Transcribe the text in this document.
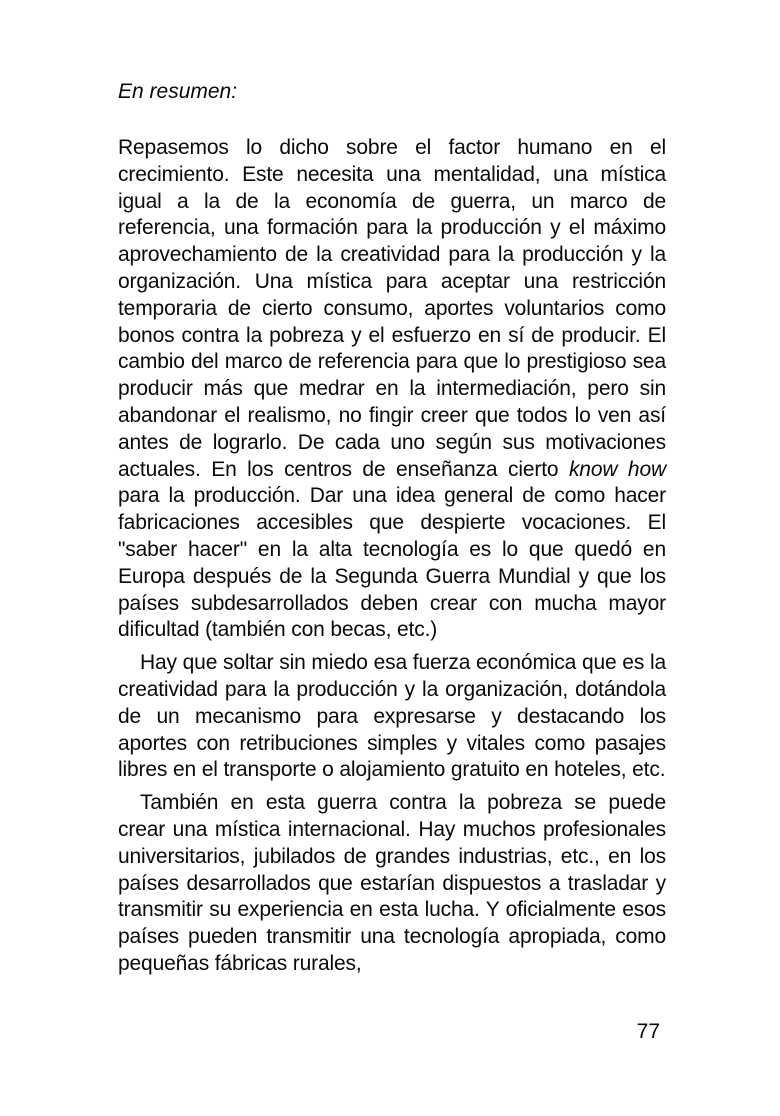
En resumen:

Repasemos lo dicho sobre el factor humano en el crecimiento. Este necesita una mentalidad, una mística igual a la de la economía de guerra, un marco de referencia, una formación para la producción y el máximo aprovechamiento de la creatividad para la producción y la organización. Una mística para aceptar una restricción temporaria de cierto consumo, aportes voluntarios como bonos contra la pobreza y el esfuerzo en sí de producir. El cambio del marco de referencia para que lo prestigioso sea producir más que medrar en la intermediación, pero sin abandonar el realismo, no fingir creer que todos lo ven así antes de lograrlo. De cada uno según sus motivaciones actuales. En los centros de enseñanza cierto know how para la producción. Dar una idea general de como hacer fabricaciones accesibles que despierte vocaciones. El "saber hacer" en la alta tecnología es lo que quedó en Europa después de la Segunda Guerra Mundial y que los países subdesarrollados deben crear con mucha mayor dificultad (también con becas, etc.)

Hay que soltar sin miedo esa fuerza económica que es la creatividad para la producción y la organización, dotándola de un mecanismo para expresarse y destacando los aportes con retribuciones simples y vitales como pasajes libres en el transporte o alojamiento gratuito en hoteles, etc.

También en esta guerra contra la pobreza se puede crear una mística internacional. Hay muchos profesionales universitarios, jubilados de grandes industrias, etc., en los países desarrollados que estarían dispuestos a trasladar y transmitir su experiencia en esta lucha. Y oficialmente esos países pueden transmitir una tecnología apropiada, como pequeñas fábricas rurales,

77
